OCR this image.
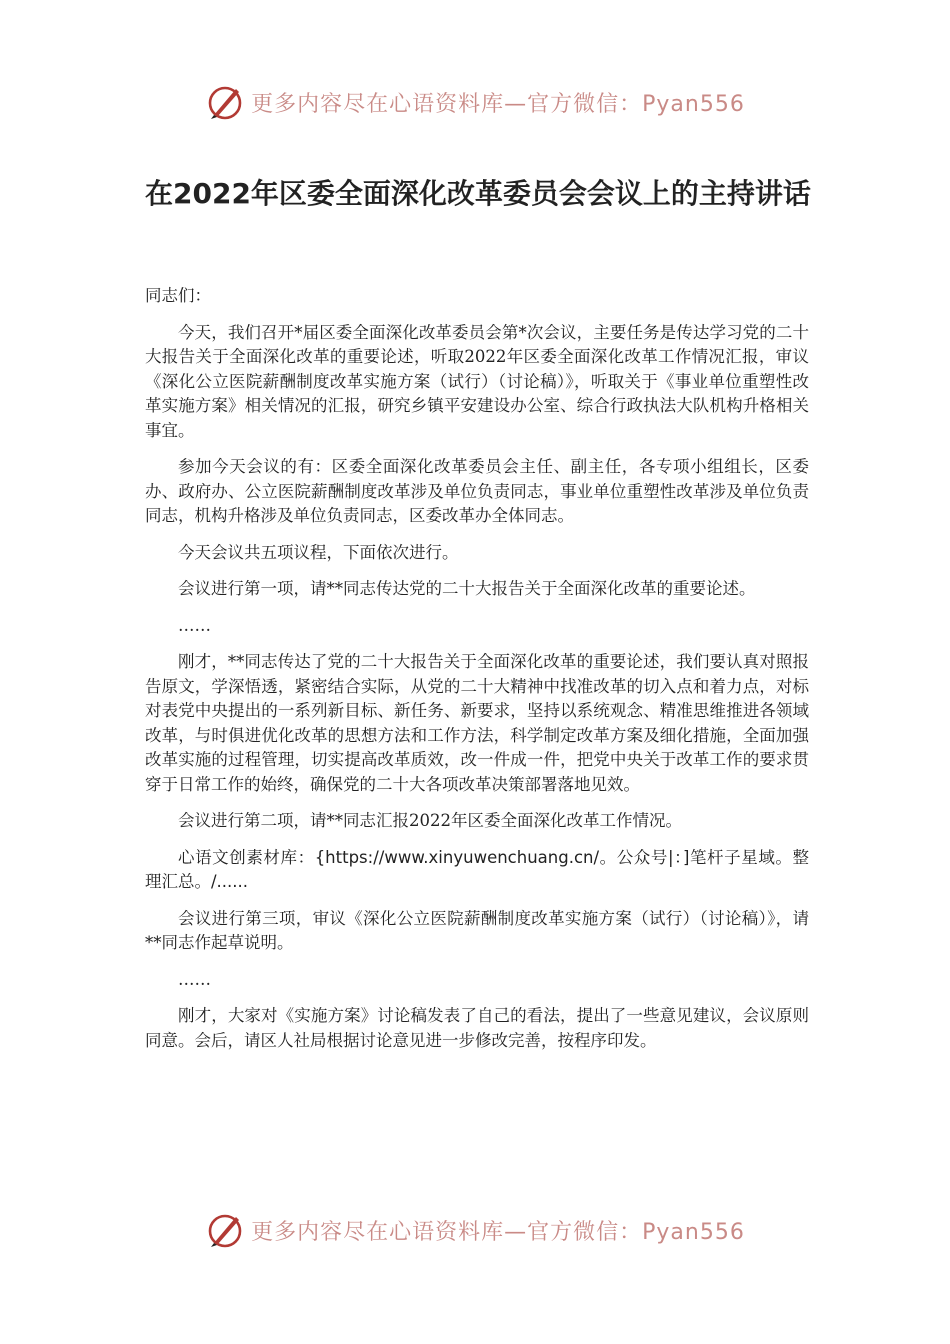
更多内容尽在心语资料库—官方微信：Pyan556
在2022年区委全面深化改革委员会会议上的主持讲话

同志们：

今天，我们召开*届区委全面深化改革委员会第*次会议，主要任务是传达学习党的二十大报告关于全面深化改革的重要论述，听取2022年区委全面深化改革工作情况汇报，审议《深化公立医院薪酬制度改革实施方案（试行）（讨论稿）》，听取关于《事业单位重塑性改革实施方案》相关情况的汇报，研究乡镇平安建设办公室、综合行政执法大队机构升格相关事宜。

参加今天会议的有：区委全面深化改革委员会主任、副主任，各专项小组组长，区委办、政府办、公立医院薪酬制度改革涉及单位负责同志，事业单位重塑性改革涉及单位负责同志，机构升格涉及单位负责同志，区委改革办全体同志。

今天会议共五项议程，下面依次进行。

会议进行第一项，请**同志传达党的二十大报告关于全面深化改革的重要论述。

……

刚才，**同志传达了党的二十大报告关于全面深化改革的重要论述，我们要认真对照报告原文，学深悟透，紧密结合实际，从党的二十大精神中找准改革的切入点和着力点，对标对表党中央提出的一系列新目标、新任务、新要求，坚持以系统观念、精准思维推进各领域改革，与时俱进优化改革的思想方法和工作方法，科学制定改革方案及细化措施，全面加强改革实施的过程管理，切实提高改革质效，改一件成一件，把党中央关于改革工作的要求贯穿于日常工作的始终，确保党的二十大各项改革决策部署落地见效。

会议进行第二项，请**同志汇报2022年区委全面深化改革工作情况。

心语文创素材库：{https://www.xinyuwenchuang.cn/。公众号|：]笔杆子星域。整理汇总。/......

会议进行第三项，审议《深化公立医院薪酬制度改革实施方案（试行）（讨论稿）》，请**同志作起草说明。

……

刚才，大家对《实施方案》讨论稿发表了自己的看法，提出了一些意见建议，会议原则同意。会后，请区人社局根据讨论意见进一步修改完善，按程序印发。

更多内容尽在心语资料库—官方微信：Pyan556
